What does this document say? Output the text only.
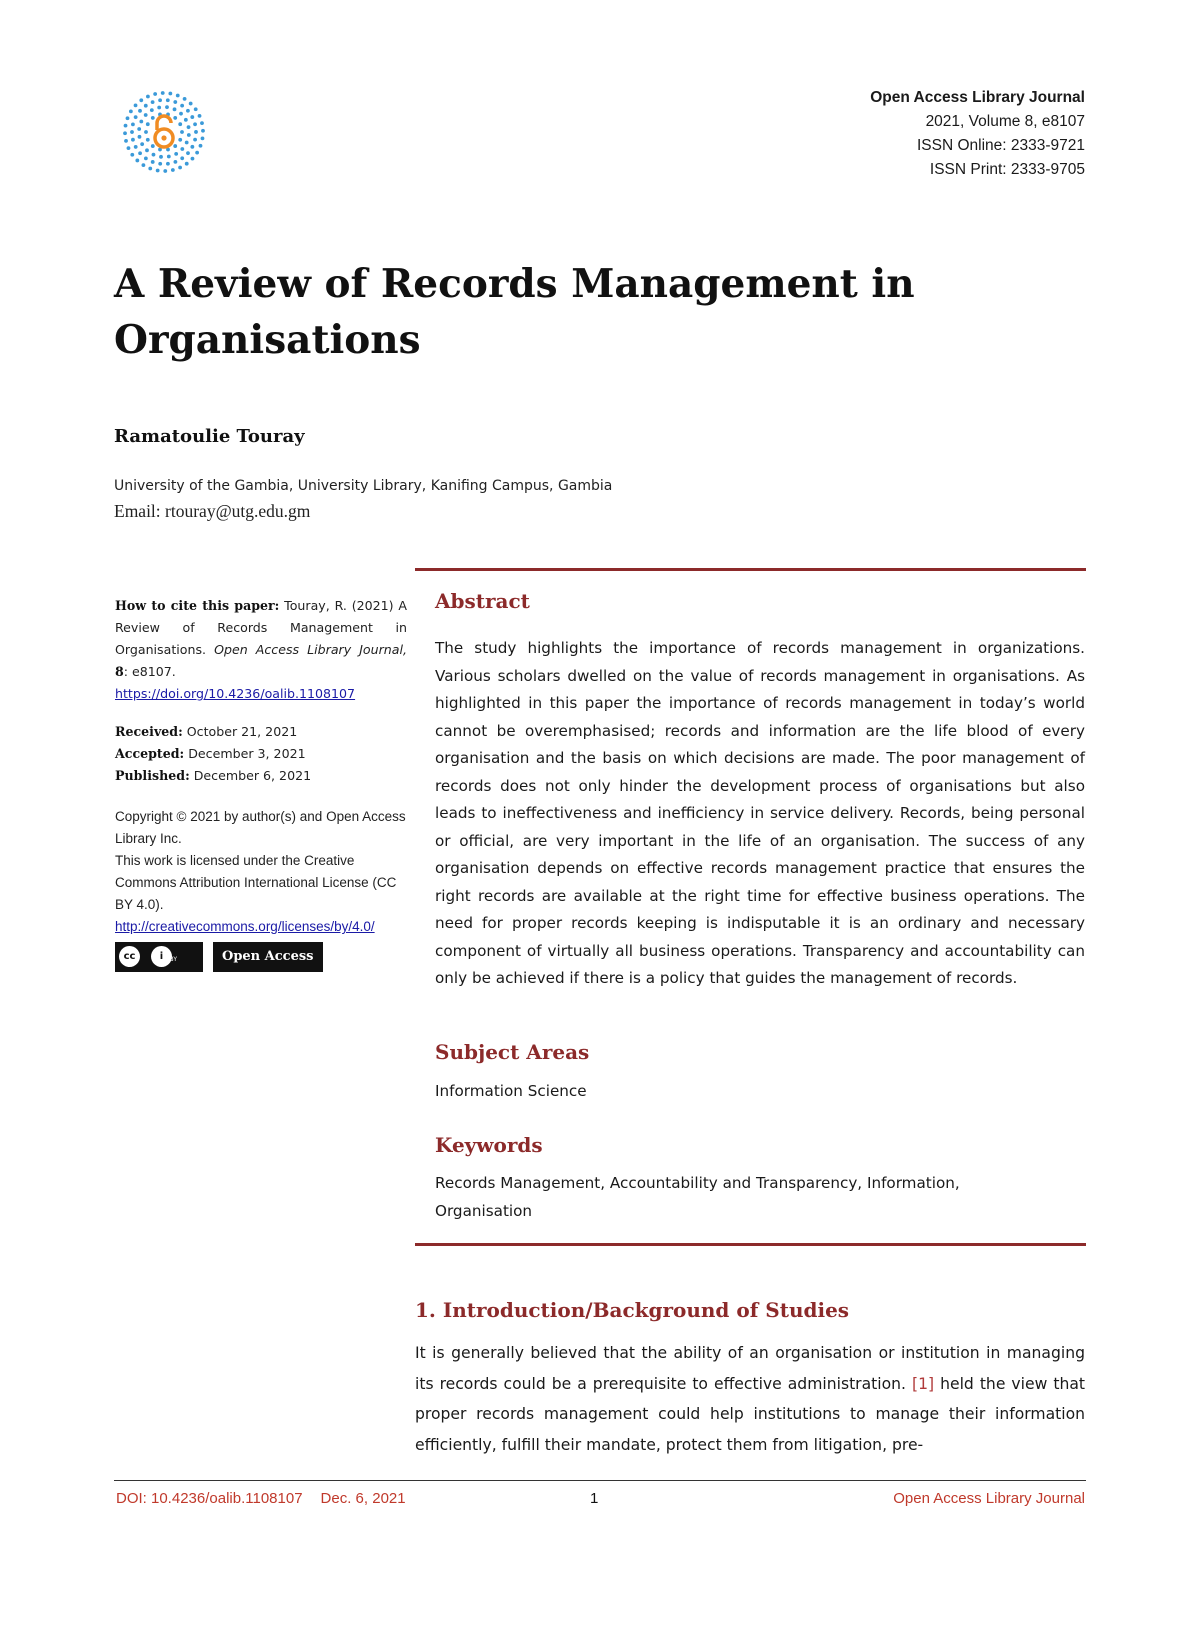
Open Access Library Journal
2021, Volume 8, e8107
ISSN Online: 2333-9721
ISSN Print: 2333-9705
A Review of Records Management in Organisations
Ramatoulie Touray
University of the Gambia, University Library, Kanifing Campus, Gambia
Email: rtouray@utg.edu.gm
How to cite this paper: Touray, R. (2021) A Review of Records Management in Organisations. Open Access Library Journal, 8: e8107.
https://doi.org/10.4236/oalib.1108107
Received: October 21, 2021
Accepted: December 3, 2021
Published: December 6, 2021
Copyright © 2021 by author(s) and Open Access Library Inc.
This work is licensed under the Creative Commons Attribution International License (CC BY 4.0).
http://creativecommons.org/licenses/by/4.0/
cc	i	BY	Open Access
Abstract

The study highlights the importance of records management in organizations. Various scholars dwelled on the value of records management in organisations. As highlighted in this paper the importance of records management in today’s world cannot be overemphasised; records and information are the life blood of every organisation and the basis on which decisions are made. The poor management of records does not only hinder the development process of organisations but also leads to ineffectiveness and inefficiency in service delivery. Records, being personal or official, are very important in the life of an organisation. The success of any organisation depends on effective records management practice that ensures the right records are available at the right time for effective business operations. The need for proper records keeping is indisputable it is an ordinary and necessary component of virtually all business operations. Transparency and accountability can only be achieved if there is a policy that guides the management of records.

Subject Areas

Information Science

Keywords

Records Management, Accountability and Transparency, Information, Organisation

1. Introduction/Background of Studies

It is generally believed that the ability of an organisation or institution in managing its records could be a prerequisite to effective administration. [1] held the view that proper records management could help institutions to manage their information efficiently, fulfill their mandate, protect them from litigation, pre-

DOI: 10.4236/oalib.1108107 Dec. 6, 2021	1	Open Access Library Journal
